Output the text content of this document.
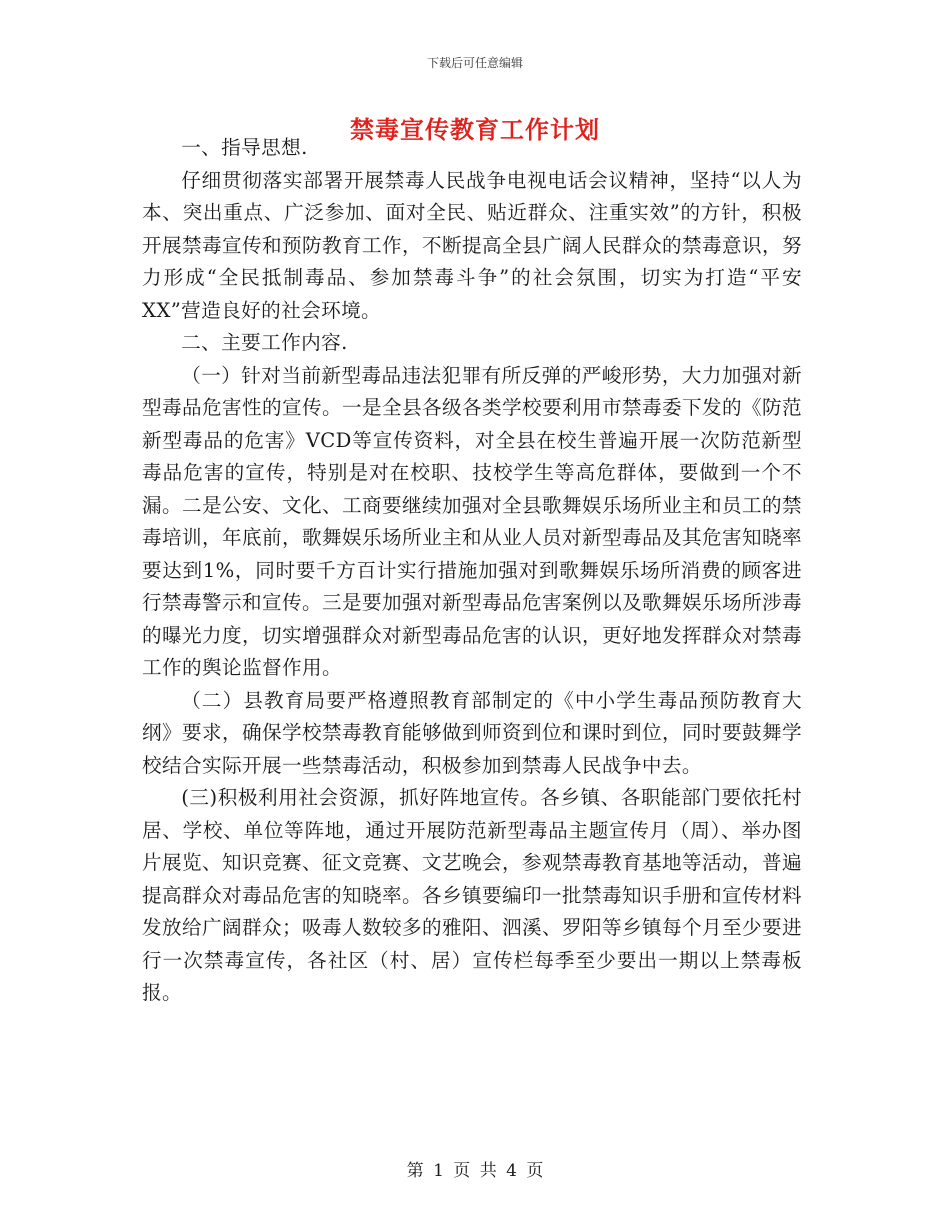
下载后可任意编辑
禁毒宣传教育工作计划

一、指导思想.

仔细贯彻落实部署开展禁毒人民战争电视电话会议精神，坚持“以人为本、突出重点、广泛参加、面对全民、贴近群众、注重实效”的方针，积极开展禁毒宣传和预防教育工作，不断提高全县广阔人民群众的禁毒意识，努力形成“全民抵制毒品、参加禁毒斗争”的社会氛围，切实为打造“平安XX”营造良好的社会环境。

二、主要工作内容.

（一）针对当前新型毒品违法犯罪有所反弹的严峻形势，大力加强对新型毒品危害性的宣传。一是全县各级各类学校要利用市禁毒委下发的《防范新型毒品的危害》VCD等宣传资料，对全县在校生普遍开展一次防范新型毒品危害的宣传，特别是对在校职、技校学生等高危群体，要做到一个不漏。二是公安、文化、工商要继续加强对全县歌舞娱乐场所业主和员工的禁毒培训，年底前，歌舞娱乐场所业主和从业人员对新型毒品及其危害知晓率要达到1%，同时要千方百计实行措施加强对到歌舞娱乐场所消费的顾客进行禁毒警示和宣传。三是要加强对新型毒品危害案例以及歌舞娱乐场所涉毒的曝光力度，切实增强群众对新型毒品危害的认识，更好地发挥群众对禁毒工作的舆论监督作用。

（二）县教育局要严格遵照教育部制定的《中小学生毒品预防教育大纲》要求，确保学校禁毒教育能够做到师资到位和课时到位，同时要鼓舞学校结合实际开展一些禁毒活动，积极参加到禁毒人民战争中去。

(三)积极利用社会资源，抓好阵地宣传。各乡镇、各职能部门要依托村居、学校、单位等阵地，通过开展防范新型毒品主题宣传月（周）、举办图片展览、知识竞赛、征文竞赛、文艺晚会，参观禁毒教育基地等活动，普遍提高群众对毒品危害的知晓率。各乡镇要编印一批禁毒知识手册和宣传材料发放给广阔群众；吸毒人数较多的雅阳、泗溪、罗阳等乡镇每个月至少要进行一次禁毒宣传，各社区（村、居）宣传栏每季至少要出一期以上禁毒板报。

第 1 页 共 4 页
